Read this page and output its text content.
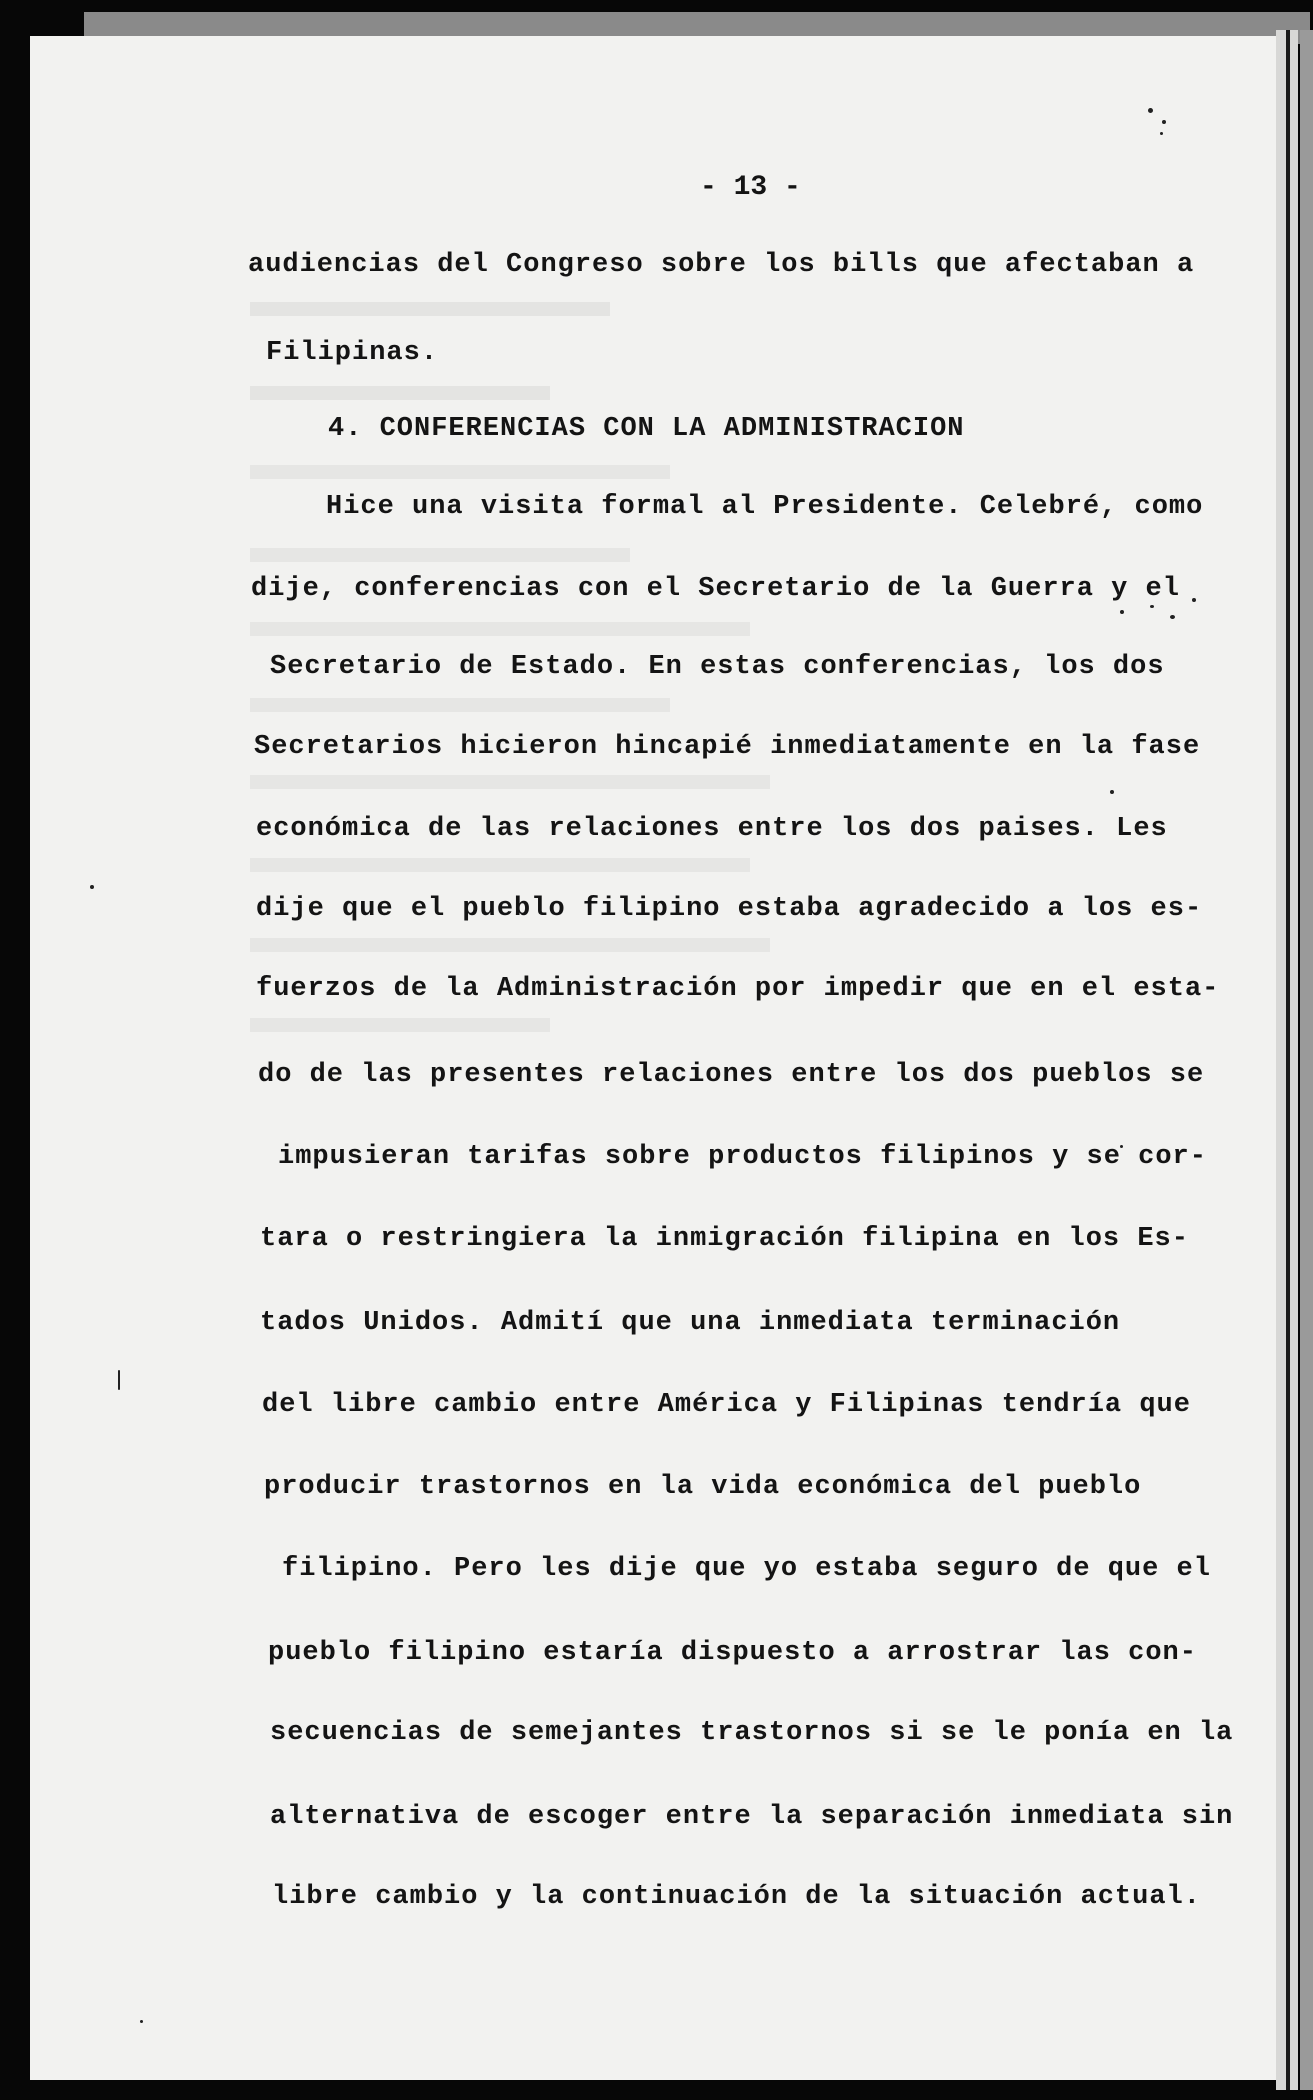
- 13 -
audiencias del Congreso sobre los bills que afectaban a
Filipinas.
4. CONFERENCIAS CON LA ADMINISTRACION
Hice una visita formal al Presidente. Celebré, como
dije, conferencias con el Secretario de la Guerra y el
Secretario de Estado. En estas conferencias, los dos
Secretarios hicieron hincapié inmediatamente en la fase
económica de las relaciones entre los dos paises. Les
dije que el pueblo filipino estaba agradecido a los es-
fuerzos de la Administración por impedir que en el esta-
do de las presentes relaciones entre los dos pueblos se
impusieran tarifas sobre productos filipinos y se cor-
tara o restringiera la inmigración filipina en los Es-
tados Unidos. Admití que una inmediata terminación
del libre cambio entre América y Filipinas tendría que
producir trastornos en la vida económica del pueblo
filipino. Pero les dije que yo estaba seguro de que el
pueblo filipino estaría dispuesto a arrostrar las con-
secuencias de semejantes trastornos si se le ponía en la
alternativa de escoger entre la separación inmediata sin
libre cambio y la continuación de la situación actual.
